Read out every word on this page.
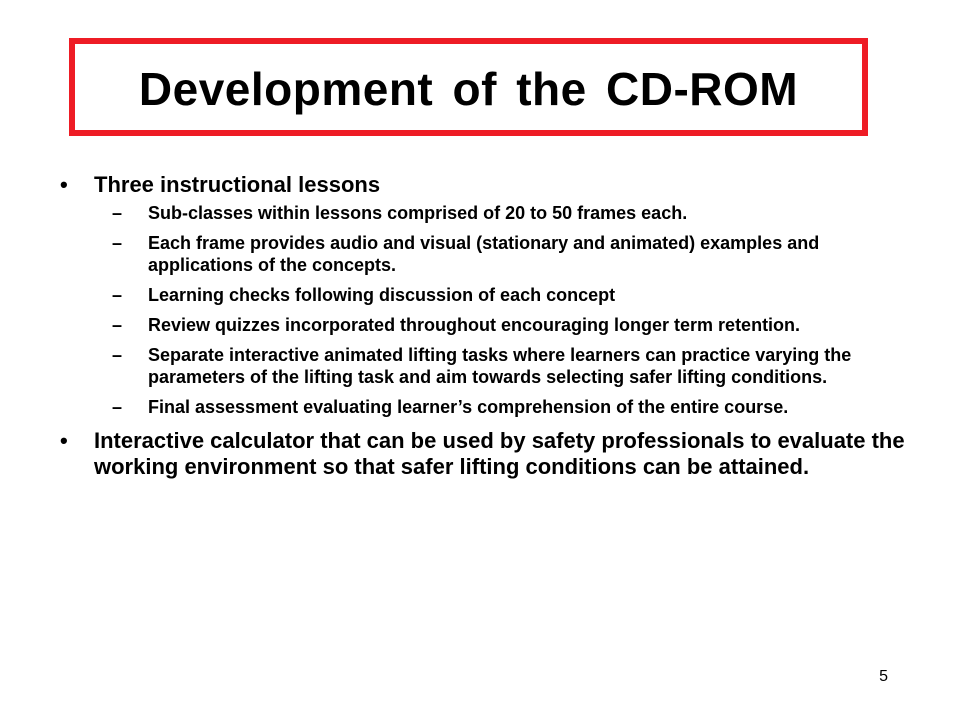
Development of the CD-ROM
•	Three instructional lessons
– Sub-classes within lessons comprised of 20 to 50 frames each.
– Each frame provides audio and visual (stationary and animated) examples and applications of the concepts.
– Learning checks following discussion of each concept
– Review quizzes incorporated throughout encouraging longer term retention.
– Separate interactive animated lifting tasks where learners can practice varying the parameters of the lifting task and aim towards selecting safer lifting conditions.
– Final assessment evaluating learner’s comprehension of the entire course.
•	Interactive calculator that can be used by safety professionals to evaluate the working environment so that safer lifting conditions can be attained.
5
